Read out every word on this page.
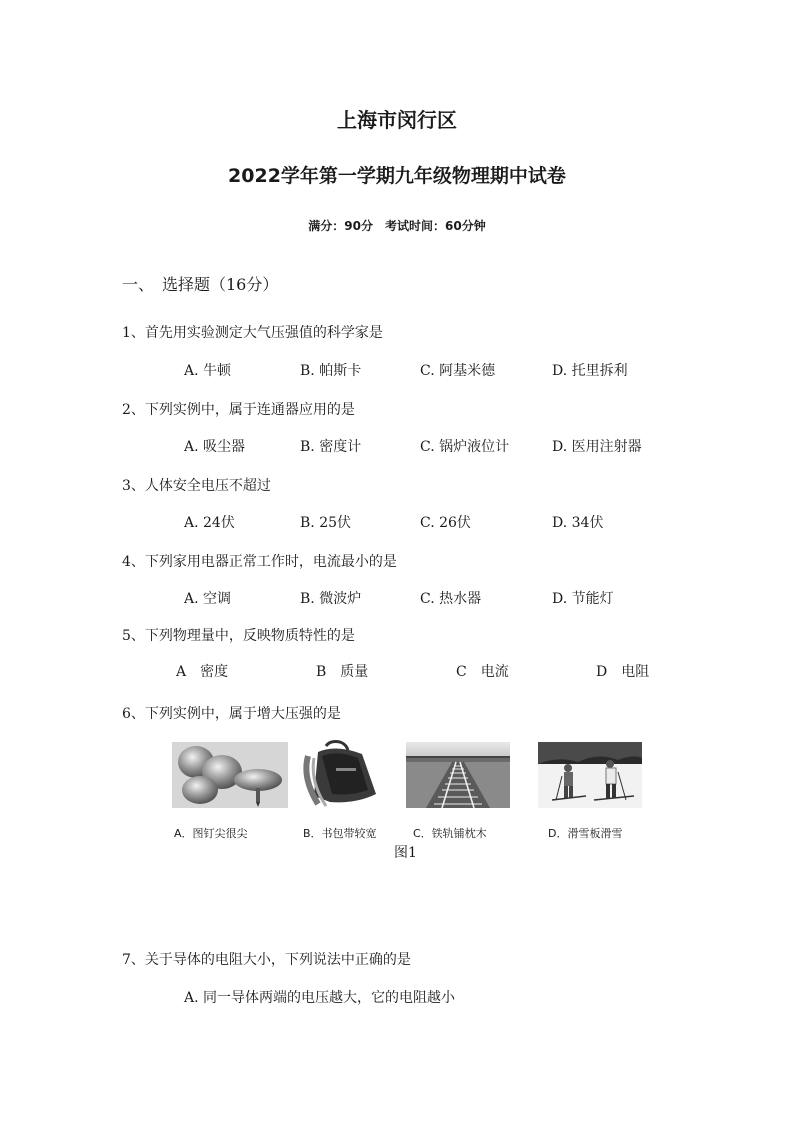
上海市闵行区
2022学年第一学期九年级物理期中试卷
满分：90分　考试时间：60分钟
一、　选择题（16分）
1、首先用实验测定大气压强值的科学家是
A. 牛顿	B. 帕斯卡	C. 阿基米德	D. 托里拆利
2、下列实例中，属于连通器应用的是
A. 吸尘器	B. 密度计	C. 锅炉液位计	D. 医用注射器
3、人体安全电压不超过
A. 24伏	B. 25伏	C. 26伏	D. 34伏
4、下列家用电器正常工作时，电流最小的是
A. 空调	B. 微波炉	C. 热水器	D. 节能灯
5、下列物理量中，反映物质特性的是
A　密度	B　质量	C　电流	D　电阻
6、下列实例中，属于增大压强的是
A．图钉尖很尖	B．书包带较宽	C．铁轨铺枕木	D．滑雪板滑雪
图1
7、关于导体的电阻大小，下列说法中正确的是
A. 同一导体两端的电压越大，它的电阻越小
